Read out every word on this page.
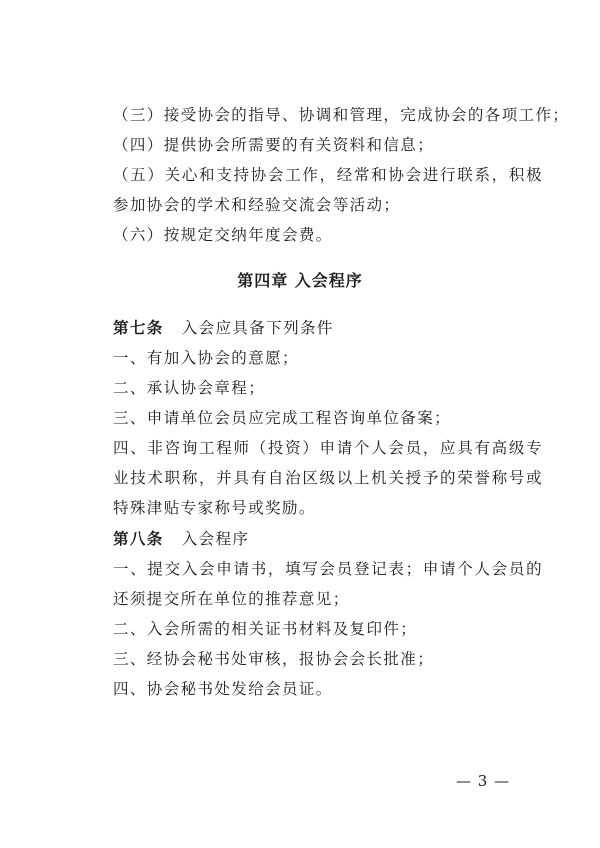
（三）接受协会的指导、协调和管理，完成协会的各项工作；

（四）提供协会所需要的有关资料和信息；

（五）关心和支持协会工作，经常和协会进行联系，积极参加协会的学术和经验交流会等活动；

（六）按规定交纳年度会费。

第四章 入会程序

第七条 入会应具备下列条件

一、有加入协会的意愿；

二、承认协会章程；

三、申请单位会员应完成工程咨询单位备案；

四、非咨询工程师（投资）申请个人会员，应具有高级专业技术职称，并具有自治区级以上机关授予的荣誉称号或特殊津贴专家称号或奖励。

第八条 入会程序

一、提交入会申请书，填写会员登记表；申请个人会员的还须提交所在单位的推荐意见；

二、入会所需的相关证书材料及复印件；

三、经协会秘书处审核，报协会会长批准；

四、协会秘书处发给会员证。

— 3 —
